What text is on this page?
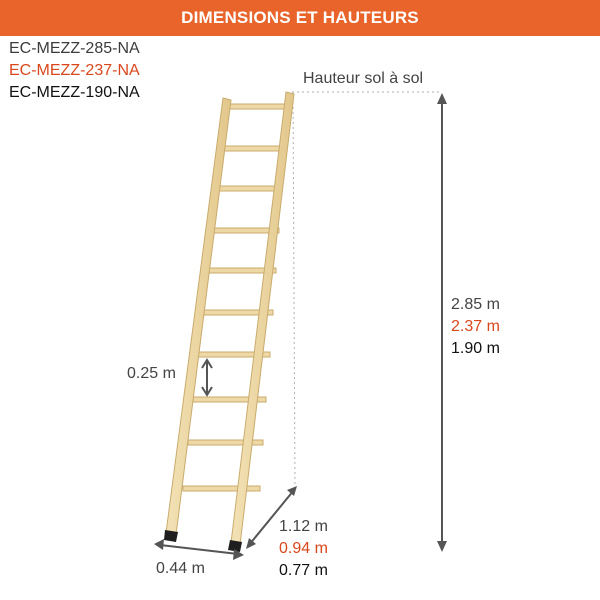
DIMENSIONS ET HAUTEURS
EC-MEZZ-285-NA
EC-MEZZ-237-NA
EC-MEZZ-190-NA
Hauteur sol à sol
2.85 m
2.37 m
1.90 m
0.25 m
1.12 m
0.94 m
0.77 m
0.44 m
